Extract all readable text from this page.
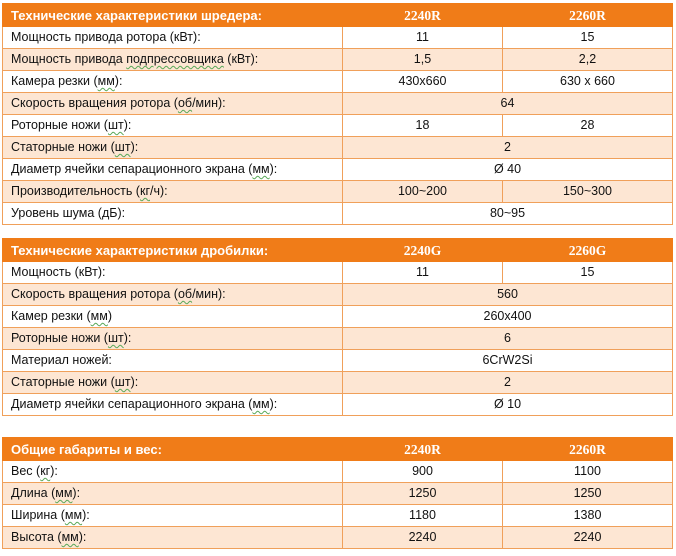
Технические характеристики шредера:	2240R	2260R
Мощность привода ротора (кВт):	11	15
Мощность привода подпрессовщика (кВт):	1,5	2,2
Камера резки (мм):	430x660	630 x 660
Скорость вращения ротора (об/мин):	64	
Роторные ножи (шт):	18	28
Статорные ножи (шт):	2	
Диаметр ячейки сепарационного экрана (мм):	Ø 40	
Производительность (кг/ч):	100~200	150~300
Уровень шума (дБ):	80~95	
Технические характеристики дробилки:	2240G	2260G
Мощность (кВт):	11	15
Скорость вращения ротора (об/мин):	560	
Камер резки (мм)	260x400	
Роторные ножи (шт):	6	
Материал ножей:	6CrW2Si	
Статорные ножи (шт):	2	
Диаметр ячейки сепарационного экрана (мм):	Ø 10	
Общие габариты и вес:	2240R	2260R
Вес (кг):	900	1100
Длина (мм):	1250	1250
Ширина (мм):	1180	1380
Высота (мм):	2240	2240
